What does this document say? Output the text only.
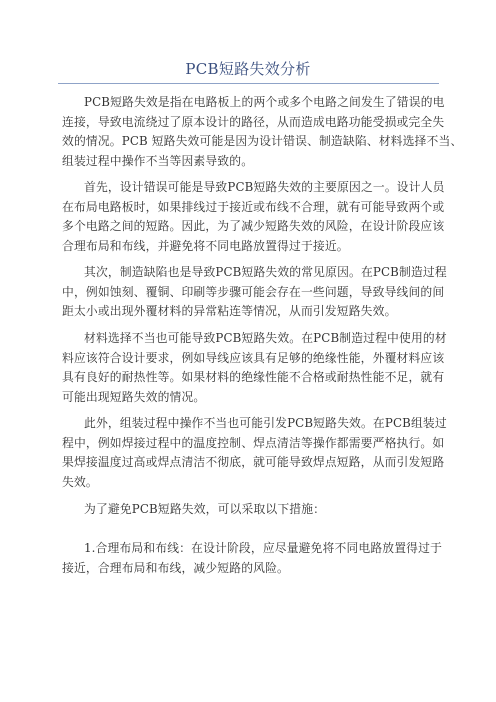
PCB短路失效分析
PCB短路失效是指在电路板上的两个或多个电路之间发生了错误的电
连接，导致电流绕过了原本设计的路径，从而造成电路功能受损或完全失
效的情况。PCB 短路失效可能是因为设计错误、制造缺陷、材料选择不当、
组装过程中操作不当等因素导致的。
首先，设计错误可能是导致PCB短路失效的主要原因之一。设计人员
在布局电路板时，如果排线过于接近或布线不合理，就有可能导致两个或
多个电路之间的短路。因此，为了减少短路失效的风险，在设计阶段应该
合理布局和布线，并避免将不同电路放置得过于接近。
其次，制造缺陷也是导致PCB短路失效的常见原因。在PCB制造过程
中，例如蚀刻、覆铜、印刷等步骤可能会存在一些问题，导致导线间的间
距太小或出现外覆材料的异常粘连等情况，从而引发短路失效。
材料选择不当也可能导致PCB短路失效。在PCB制造过程中使用的材
料应该符合设计要求，例如导线应该具有足够的绝缘性能，外覆材料应该
具有良好的耐热性等。如果材料的绝缘性能不合格或耐热性能不足，就有
可能出现短路失效的情况。
此外，组装过程中操作不当也可能引发PCB短路失效。在PCB组装过
程中，例如焊接过程中的温度控制、焊点清洁等操作都需要严格执行。如
果焊接温度过高或焊点清洁不彻底，就可能导致焊点短路，从而引发短路
失效。
为了避免PCB短路失效，可以采取以下措施：
1.合理布局和布线：在设计阶段，应尽量避免将不同电路放置得过于
接近，合理布局和布线，减少短路的风险。
